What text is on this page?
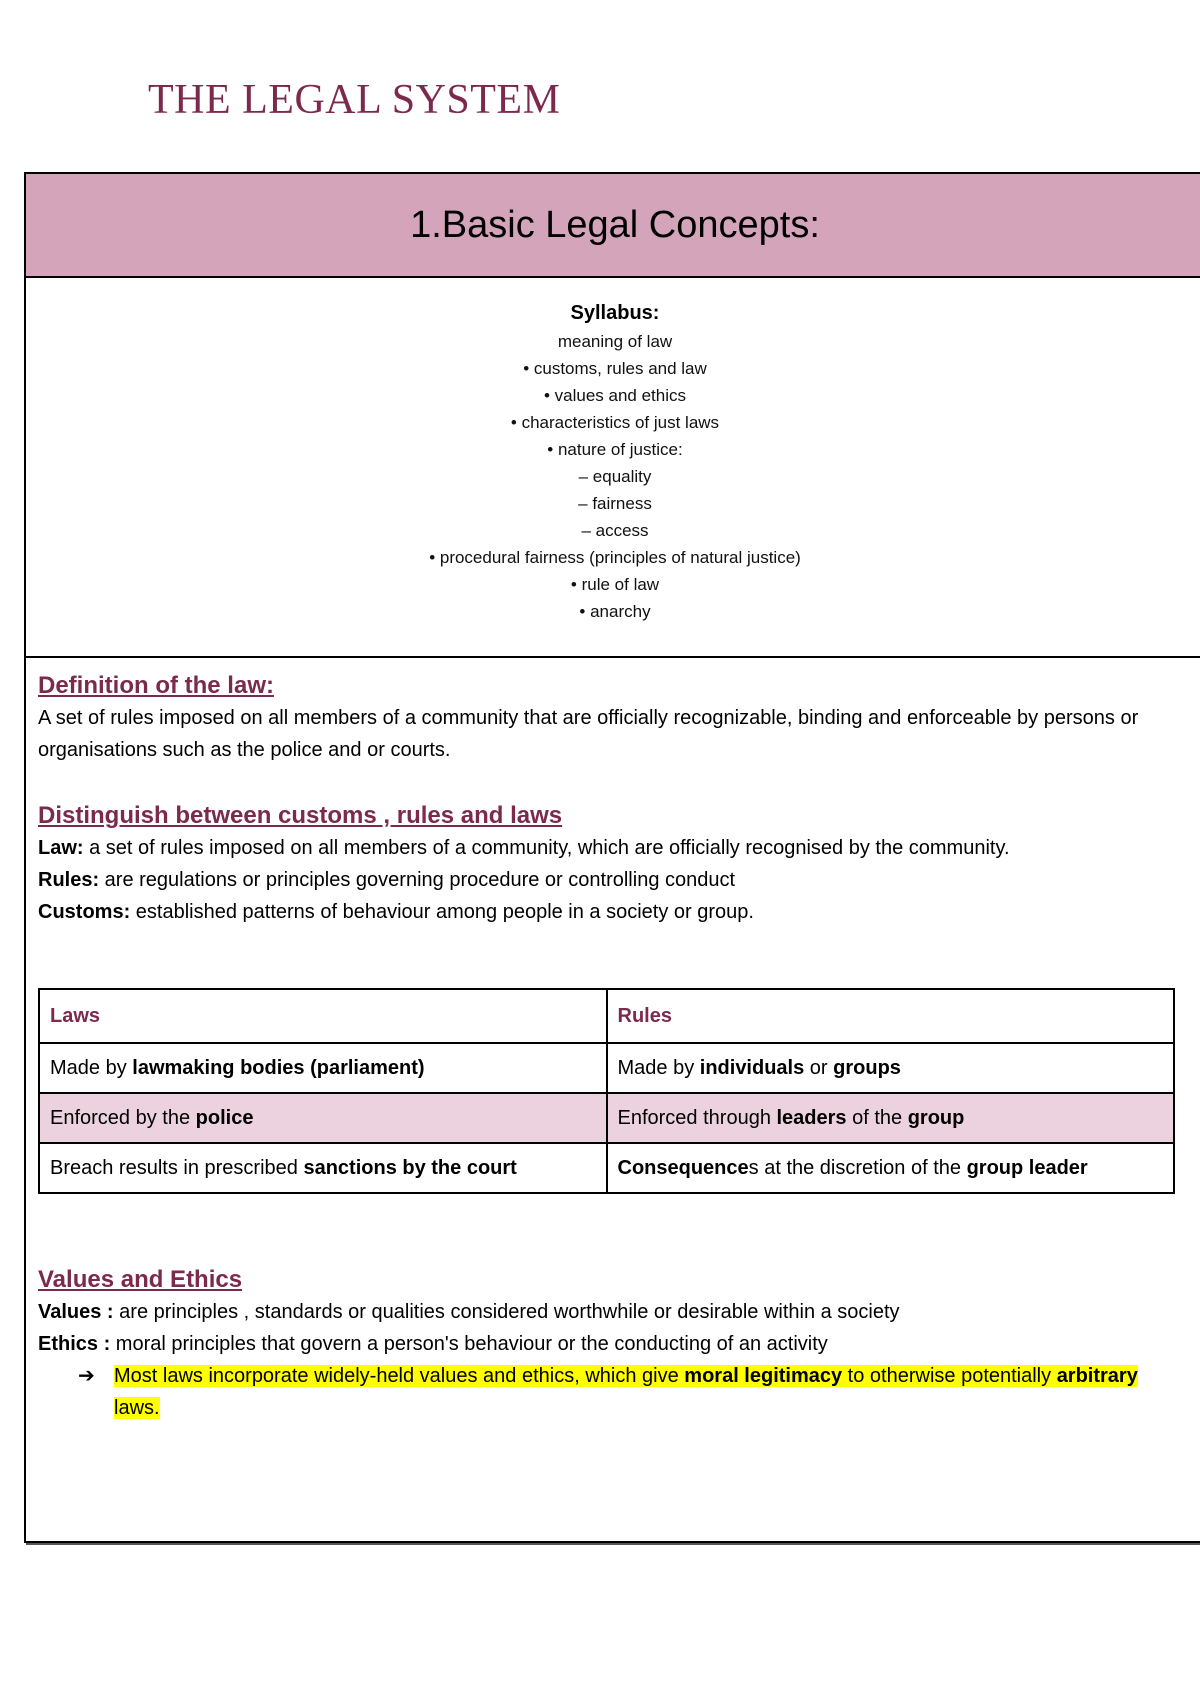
THE LEGAL SYSTEM
1.Basic Legal Concepts:
Syllabus:
meaning of law
• customs, rules and law
• values and ethics
• characteristics of just laws
• nature of justice:
– equality
– fairness
– access
• procedural fairness (principles of natural justice)
• rule of law
• anarchy
Definition of the law:

A set of rules imposed on all members of a community that are officially recognizable, binding and enforceable by persons or organisations such as the police and or courts.

Distinguish between customs , rules and laws

Law: a set of rules imposed on all members of a community, which are officially recognised by the community.

Rules: are regulations or principles governing procedure or controlling conduct

Customs: established patterns of behaviour among people in a society or group.

Laws	Rules
Made by lawmaking bodies (parliament)	Made by individuals or groups
Enforced by the police	Enforced through leaders of the group
Breach results in prescribed sanctions by the court	Consequences at the discretion of the group leader
Values and Ethics

Values : are principles , standards or qualities considered worthwhile or desirable within a society

Ethics : moral principles that govern a person's behaviour or the conducting of an activity

➔ Most laws incorporate widely-held values and ethics, which give moral legitimacy to otherwise potentially arbitrary laws.
